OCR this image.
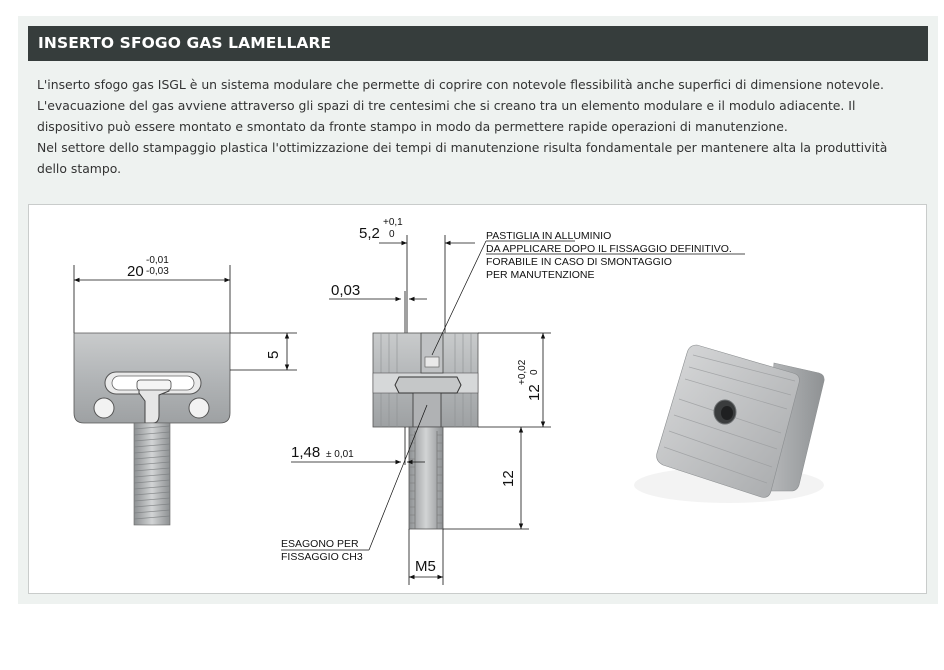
INSERTO SFOGO GAS LAMELLARE

L'inserto sfogo gas ISGL è un sistema modulare che permette di coprire con notevole flessibilità anche superfici di dimensione notevole.

L'evacuazione del gas avviene attraverso gli spazi di tre centesimi che si creano tra un elemento modulare e il modulo adiacente. Il

dispositivo può essere montato e smontato da fronte stampo in modo da permettere rapide operazioni di manutenzione.

Nel settore dello stampaggio plastica l'ottimizzazione dei tempi di manutenzione risulta fondamentale per mantenere alta la produttività

dello stampo.

20
-0,01
-0,03
5
5,2
+0,1
0
0,03
1,48 ± 0,01
12
+0,02 0
12
M5
PASTIGLIA IN ALLUMINIO
DA APPLICARE DOPO IL FISSAGGIO DEFINITIVO.
FORABILE IN CASO DI SMONTAGGIO
PER MANUTENZIONE
ESAGONO PER
FISSAGGIO CH3
